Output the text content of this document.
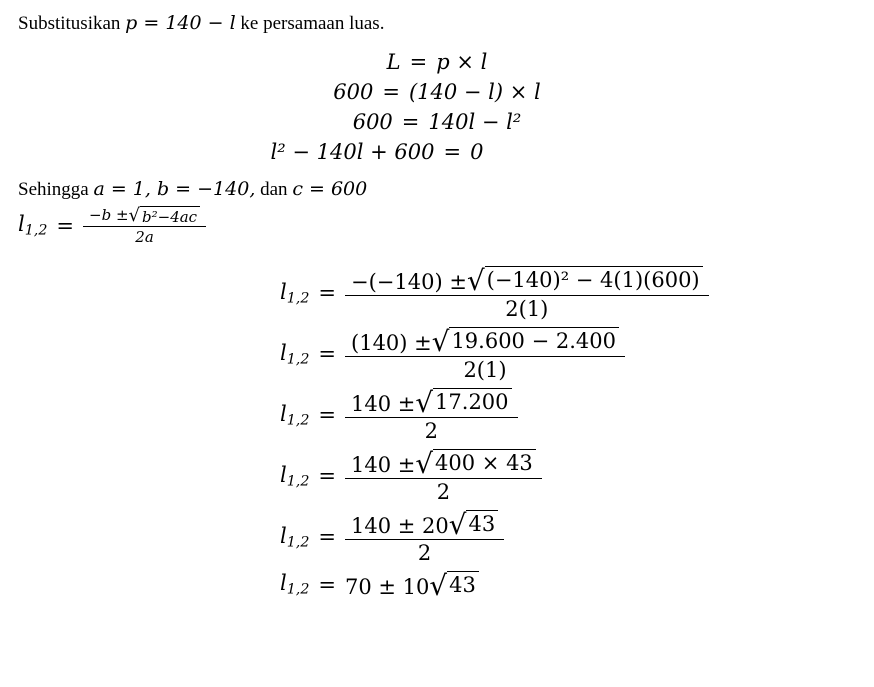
Substitusikan p = 140 − l ke persamaan luas.
L = p × l
600 = (140 − l) × l
600 = 140l − l²
l² − 140l + 600 = 0
Sehingga a = 1, b = −140, dan c = 600
$l_{1,2} = \frac{\text{−b ± √ b²−4ac}}{2a}$
$l_{1,2} = \frac{\text{−(−140) ± √ (−140)² − 4(1)(600)}}{2(1)}$
$l_{1,2} = \frac{(140) \pm √ 19.600 - 2.400}{2(1)}$
$l_{1,2} = \frac{140 \pm √ 17.200}{2}$
$l_{1,2} = \frac{140 \pm √ 400 \times 43}{2}$
$l_{1,2} = \frac{140 \pm 20 √ 43}{2}$
$l_{1,2} = 70 \pm 10$ √ 43
